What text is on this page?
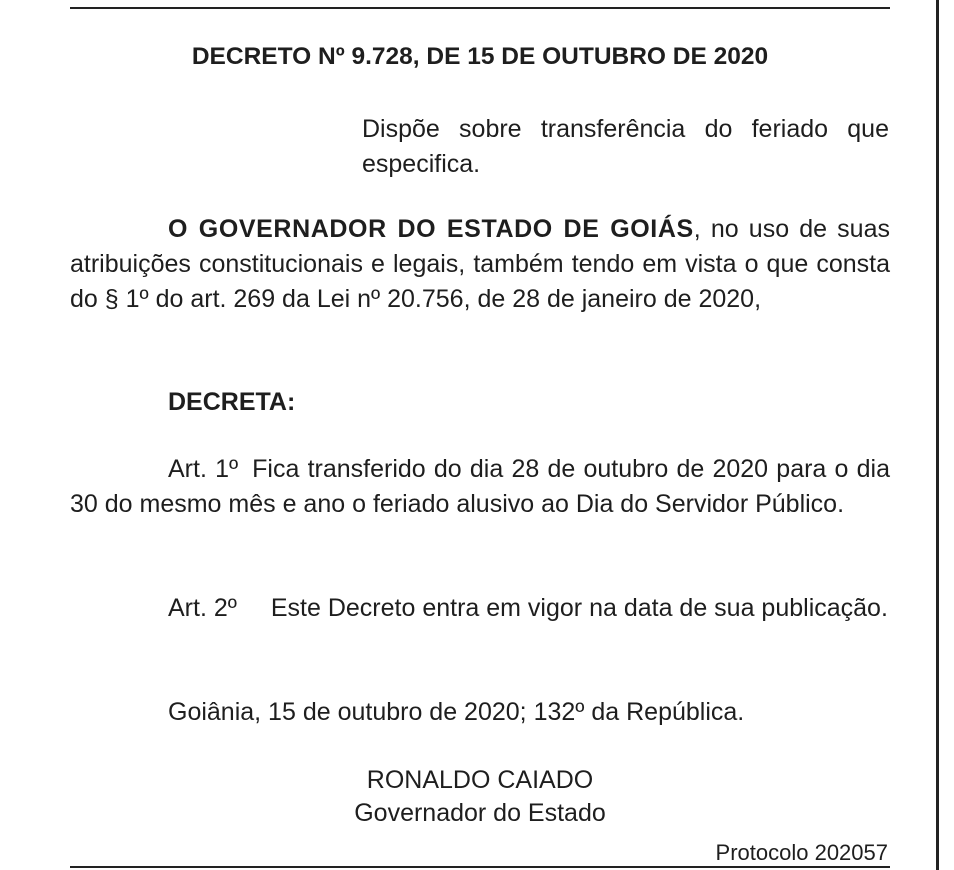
DECRETO Nº 9.728, DE 15 DE OUTUBRO DE 2020
Dispõe sobre transferência do feriado que especifica.
O GOVERNADOR DO ESTADO DE GOIÁS, no uso de suas atribuições constitucionais e legais, também tendo em vista o que consta do § 1º do art. 269 da Lei nº 20.756, de 28 de janeiro de 2020,
DECRETA:
Art. 1º Fica transferido do dia 28 de outubro de 2020 para o dia 30 do mesmo mês e ano o feriado alusivo ao Dia do Servidor Público.
Art. 2º Este Decreto entra em vigor na data de sua publicação.
Goiânia, 15 de outubro de 2020; 132º da República.
RONALDO CAIADO
Governador do Estado
Protocolo 202057
